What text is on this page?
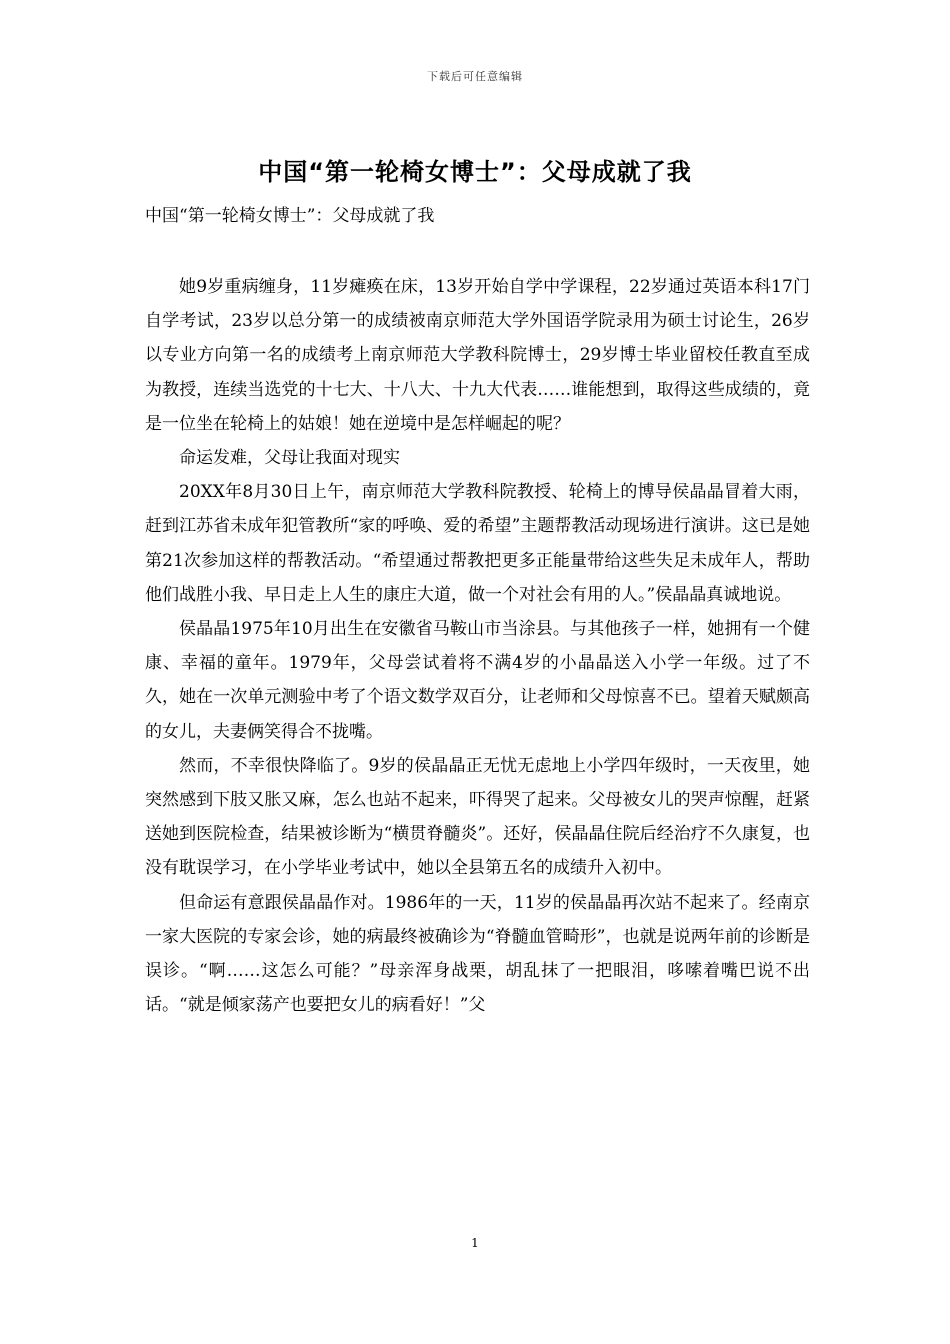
下载后可任意编辑
中国“第一轮椅女博士”：父母成就了我
中国“第一轮椅女博士”：父母成就了我

她9岁重病缠身，11岁瘫痪在床，13岁开始自学中学课程，22岁通过英语本科17门自学考试，23岁以总分第一的成绩被南京师范大学外国语学院录用为硕士讨论生，26岁以专业方向第一名的成绩考上南京师范大学教科院博士，29岁博士毕业留校任教直至成为教授，连续当选党的十七大、十八大、十九大代表……谁能想到，取得这些成绩的，竟是一位坐在轮椅上的姑娘！她在逆境中是怎样崛起的呢？

命运发难，父母让我面对现实

20XX年8月30日上午，南京师范大学教科院教授、轮椅上的博导侯晶晶冒着大雨，赶到江苏省未成年犯管教所“家的呼唤、爱的希望”主题帮教活动现场进行演讲。这已是她第21次参加这样的帮教活动。“希望通过帮教把更多正能量带给这些失足未成年人，帮助他们战胜小我、早日走上人生的康庄大道，做一个对社会有用的人。”侯晶晶真诚地说。

侯晶晶1975年10月出生在安徽省马鞍山市当涂县。与其他孩子一样，她拥有一个健康、幸福的童年。1979年，父母尝试着将不满4岁的小晶晶送入小学一年级。过了不久，她在一次单元测验中考了个语文数学双百分，让老师和父母惊喜不已。望着天赋颇高的女儿，夫妻俩笑得合不拢嘴。

然而，不幸很快降临了。9岁的侯晶晶正无忧无虑地上小学四年级时，一天夜里，她突然感到下肢又胀又麻，怎么也站不起来，吓得哭了起来。父母被女儿的哭声惊醒，赶紧送她到医院检查，结果被诊断为“横贯脊髓炎”。还好，侯晶晶住院后经治疗不久康复，也没有耽误学习，在小学毕业考试中，她以全县第五名的成绩升入初中。

但命运有意跟侯晶晶作对。1986年的一天，11岁的侯晶晶再次站不起来了。经南京一家大医院的专家会诊，她的病最终被确诊为“脊髓血管畸形”，也就是说两年前的诊断是误诊。“啊……这怎么可能？”母亲浑身战栗，胡乱抹了一把眼泪，哆嗦着嘴巴说不出话。“就是倾家荡产也要把女儿的病看好！”父

1
